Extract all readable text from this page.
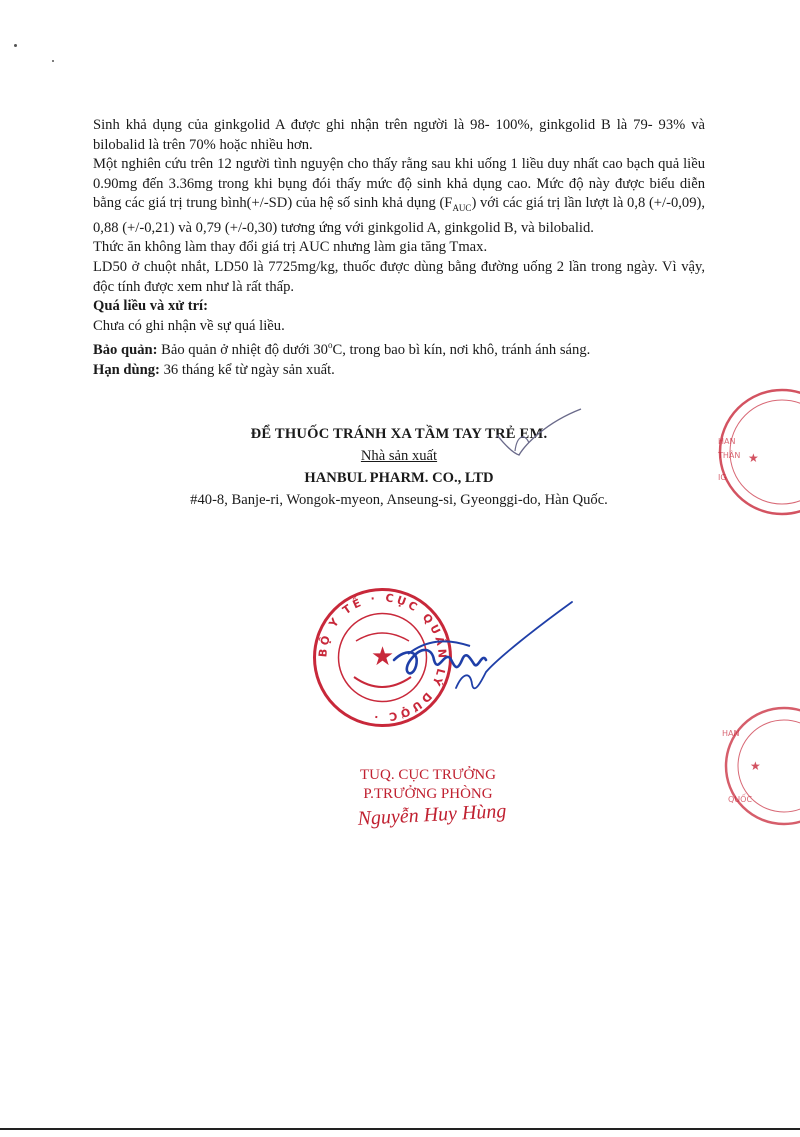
Sinh khả dụng của ginkgolid A được ghi nhận trên người là 98- 100%, ginkgolid B là 79- 93% và bilobalid là trên 70% hoặc nhiều hơn.

Một nghiên cứu trên 12 người tình nguyện cho thấy rằng sau khi uống 1 liều duy nhất cao bạch quả liều 0.90mg đến 3.36mg trong khi bụng đói thấy mức độ sinh khả dụng cao. Mức độ này được biểu diễn bằng các giá trị trung bình(+/-SD) của hệ số sinh khả dụng $(F_{AUC})$ với các giá trị lần lượt là 0,8 (+/-0,09), 0,88 (+/-0,21) và 0,79 (+/-0,30) tương ứng với ginkgolid A, ginkgolid B, và bilobalid.

Thức ăn không làm thay đổi giá trị AUC nhưng làm gia tăng Tmax.

LD50 ở chuột nhắt, LD50 là 7725mg/kg, thuốc được dùng bằng đường uống 2 lần trong ngày. Vì vậy, độc tính được xem như là rất thấp.

Quá liều và xử trí:

Chưa có ghi nhận về sự quá liều.

Bảo quản: Bảo quản ở nhiệt độ dưới 30$^o$C, trong bao bì kín, nơi khô, tránh ánh sáng.

Hạn dùng: 36 tháng kể từ ngày sản xuất.

ĐỂ THUỐC TRÁNH XA TẦM TAY TRẺ EM.
Nhà sản xuất
HANBUL PHARM. CO., LTD
#40-8, Banje-ri, Wongok-myeon, Anseung-si, Gyeonggi-do, Hàn Quốc.
HAN
THÂN
IG
★
BỘ Y TẾ · CỤC QUẢN LÝ DƯỢC ·
★
TUQ. CỤC TRƯỞNG
P.TRƯỞNG PHÒNG
Nguyễn Huy Hùng
HAN
QUỐC
★
